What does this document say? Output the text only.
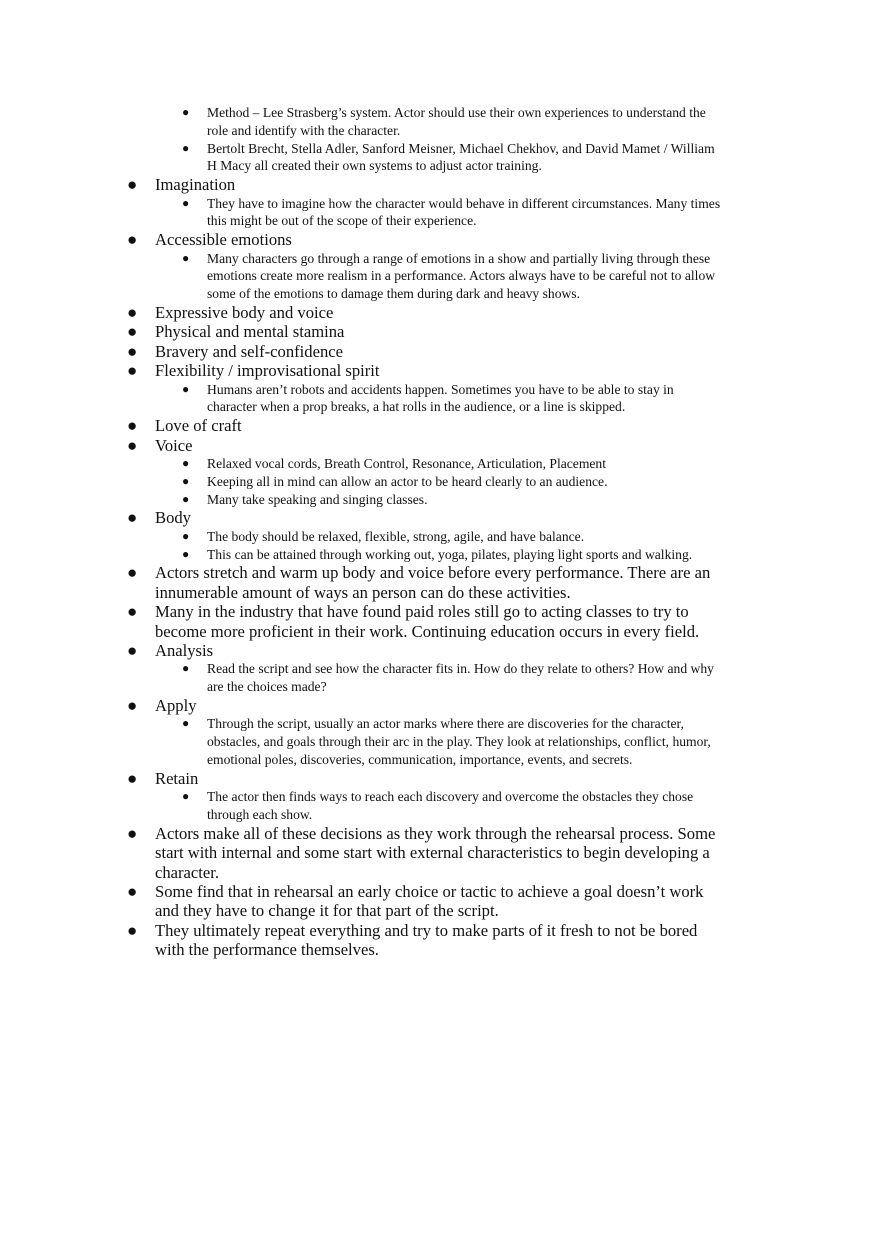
● Method – Lee Strasberg’s system. Actor should use their own experiences to understand the role and identify with the character.
● Bertolt Brecht, Stella Adler, Sanford Meisner, Michael Chekhov, and David Mamet / William H Macy all created their own systems to adjust actor training.
● Imagination
● They have to imagine how the character would behave in different circumstances. Many times this might be out of the scope of their experience.
● Accessible emotions
● Many characters go through a range of emotions in a show and partially living through these emotions create more realism in a performance. Actors always have to be careful not to allow some of the emotions to damage them during dark and heavy shows.
● Expressive body and voice
● Physical and mental stamina
● Bravery and self-confidence
● Flexibility / improvisational spirit
● Humans aren’t robots and accidents happen. Sometimes you have to be able to stay in character when a prop breaks, a hat rolls in the audience, or a line is skipped.
● Love of craft
● Voice
● Relaxed vocal cords, Breath Control, Resonance, Articulation, Placement
● Keeping all in mind can allow an actor to be heard clearly to an audience.
● Many take speaking and singing classes.
● Body
● The body should be relaxed, flexible, strong, agile, and have balance.
● This can be attained through working out, yoga, pilates, playing light sports and walking.
● Actors stretch and warm up body and voice before every performance. There are an innumerable amount of ways an person can do these activities.
● Many in the industry that have found paid roles still go to acting classes to try to become more proficient in their work. Continuing education occurs in every field.
● Analysis
● Read the script and see how the character fits in. How do they relate to others? How and why are the choices made?
● Apply
● Through the script, usually an actor marks where there are discoveries for the character, obstacles, and goals through their arc in the play. They look at relationships, conflict, humor, emotional poles, discoveries, communication, importance, events, and secrets.
● Retain
● The actor then finds ways to reach each discovery and overcome the obstacles they chose through each show.
● Actors make all of these decisions as they work through the rehearsal process. Some start with internal and some start with external characteristics to begin developing a character.
● Some find that in rehearsal an early choice or tactic to achieve a goal doesn’t work and they have to change it for that part of the script.
● They ultimately repeat everything and try to make parts of it fresh to not be bored with the performance themselves.
